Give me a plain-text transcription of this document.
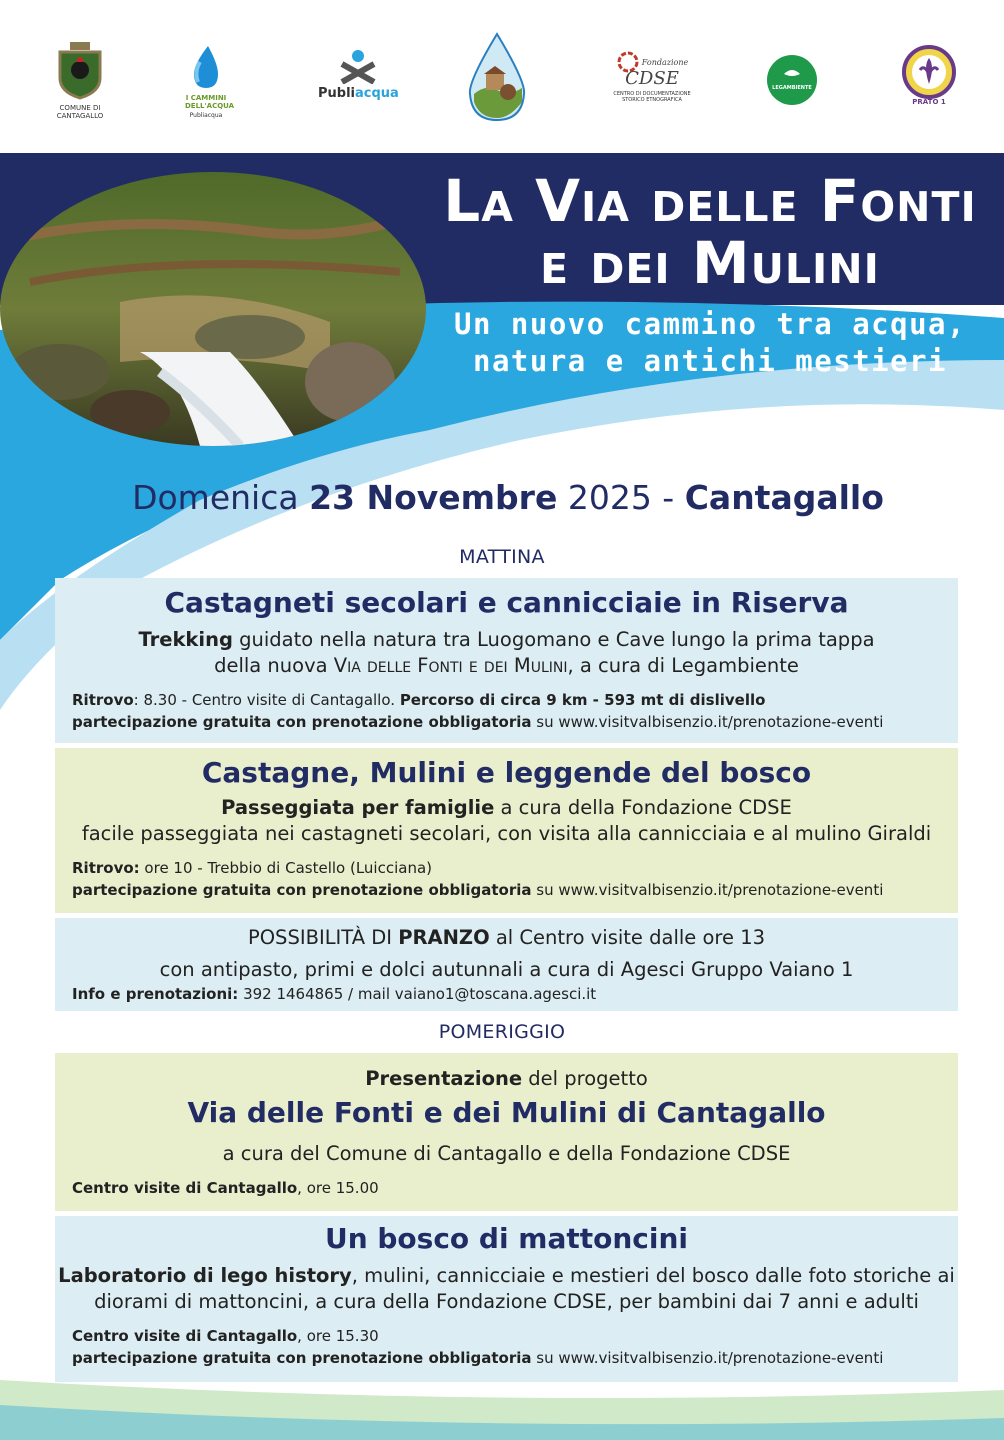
COMUNE DI CANTAGALLO
I CAMMINI DELL'ACQUA
Publiacqua
Publiacqua
Fondazione
CDSE
CENTRO DI DOCUMENTAZIONE STORICO ETNOGRAFICA
LEGAMBIENTE
PRATO 1
La Via delle Fonti
e dei Mulini
Un nuovo cammino tra acqua,
natura e antichi mestieri
Domenica 23 Novembre 2025 - Cantagallo
MATTINA
Castagneti secolari e cannicciaie in Riserva
Trekking guidato nella natura tra Luogomano e Cave lungo la prima tappa
della nuova Via delle Fonti e dei Mulini, a cura di Legambiente
Ritrovo: 8.30 - Centro visite di Cantagallo. Percorso di circa 9 km - 593 mt di dislivello
partecipazione gratuita con prenotazione obbligatoria su www.visitvalbisenzio.it/prenotazione-eventi
Castagne, Mulini e leggende del bosco
Passeggiata per famiglie a cura della Fondazione CDSE
facile passeggiata nei castagneti secolari, con visita alla cannicciaia e al mulino Giraldi
Ritrovo: ore 10 - Trebbio di Castello (Luicciana)
partecipazione gratuita con prenotazione obbligatoria su www.visitvalbisenzio.it/prenotazione-eventi
POSSIBILITÀ DI PRANZO al Centro visite dalle ore 13
con antipasto, primi e dolci autunnali a cura di Agesci Gruppo Vaiano 1
Info e prenotazioni: 392 1464865 / mail vaiano1@toscana.agesci.it
POMERIGGIO
Presentazione del progetto
Via delle Fonti e dei Mulini di Cantagallo
a cura del Comune di Cantagallo e della Fondazione CDSE
Centro visite di Cantagallo, ore 15.00
Un bosco di mattoncini
Laboratorio di lego history, mulini, cannicciaie e mestieri del bosco dalle foto storiche ai
diorami di mattoncini, a cura della Fondazione CDSE, per bambini dai 7 anni e adulti
Centro visite di Cantagallo, ore 15.30
partecipazione gratuita con prenotazione obbligatoria su www.visitvalbisenzio.it/prenotazione-eventi
